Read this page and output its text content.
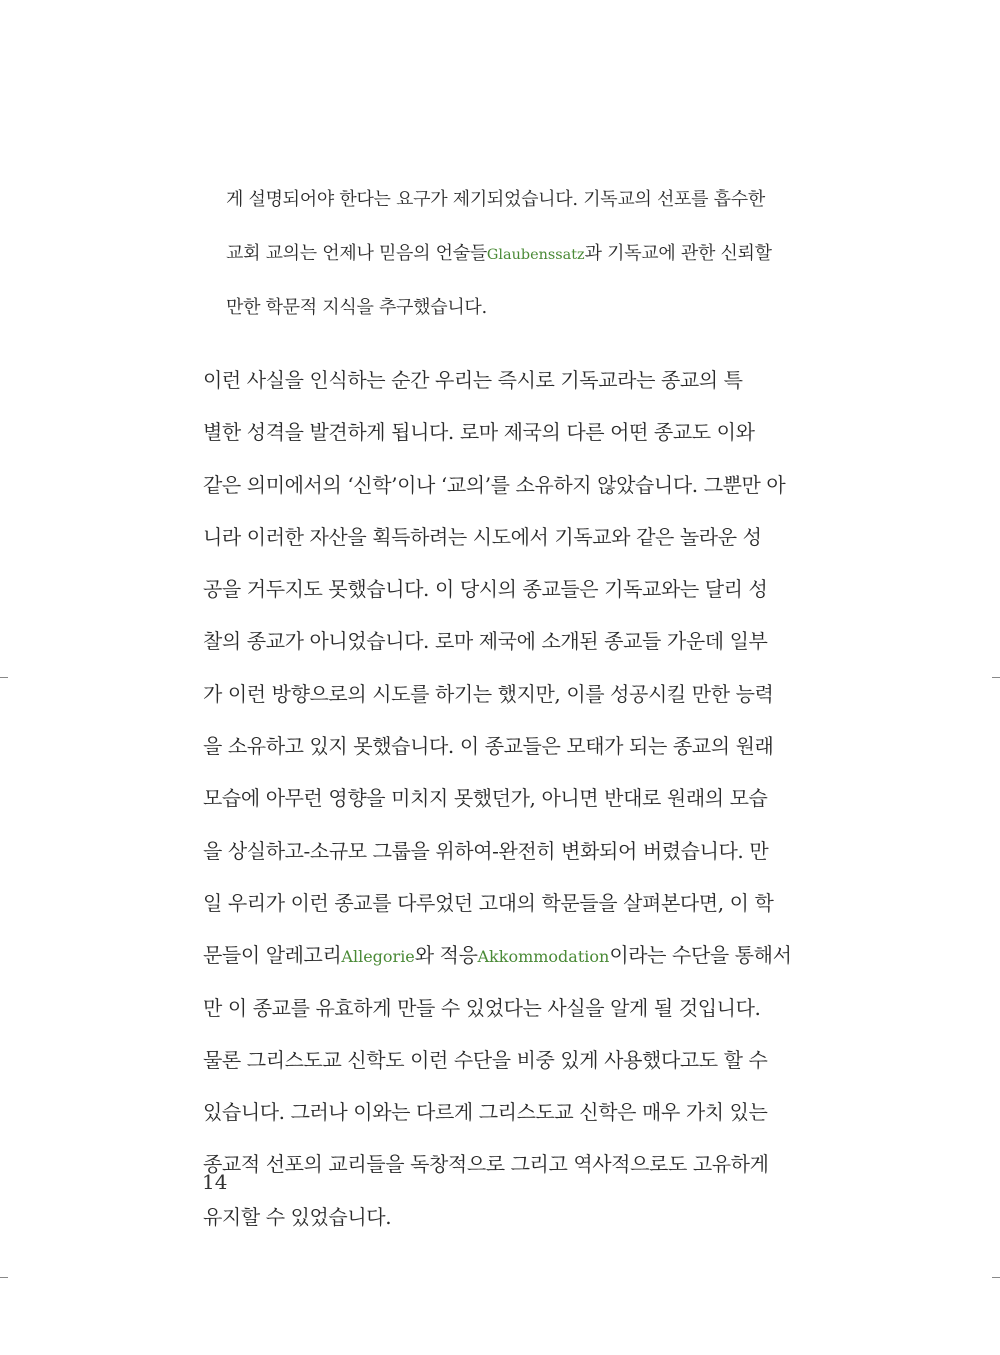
게 설명되어야 한다는 요구가 제기되었습니다. 기독교의 선포를 흡수한
교회 교의는 언제나 믿음의 언술들Glaubenssatz과 기독교에 관한 신뢰할
만한 학문적 지식을 추구했습니다.
이런 사실을 인식하는 순간 우리는 즉시로 기독교라는 종교의 특
별한 성격을 발견하게 됩니다. 로마 제국의 다른 어떤 종교도 이와
같은 의미에서의 ‘신학’이나 ‘교의’를 소유하지 않았습니다. 그뿐만 아
니라 이러한 자산을 획득하려는 시도에서 기독교와 같은 놀라운 성
공을 거두지도 못했습니다. 이 당시의 종교들은 기독교와는 달리 성
찰의 종교가 아니었습니다. 로마 제국에 소개된 종교들 가운데 일부
가 이런 방향으로의 시도를 하기는 했지만, 이를 성공시킬 만한 능력
을 소유하고 있지 못했습니다. 이 종교들은 모태가 되는 종교의 원래
모습에 아무런 영향을 미치지 못했던가, 아니면 반대로 원래의 모습
을 상실하고-소규모 그룹을 위하여-완전히 변화되어 버렸습니다. 만
일 우리가 이런 종교를 다루었던 고대의 학문들을 살펴본다면, 이 학
문들이 알레고리Allegorie와 적응Akkommodation이라는 수단을 통해서
만 이 종교를 유효하게 만들 수 있었다는 사실을 알게 될 것입니다.
물론 그리스도교 신학도 이런 수단을 비중 있게 사용했다고도 할 수
있습니다. 그러나 이와는 다르게 그리스도교 신학은 매우 가치 있는
종교적 선포의 교리들을 독창적으로 그리고 역사적으로도 고유하게
유지할 수 있었습니다.
14
